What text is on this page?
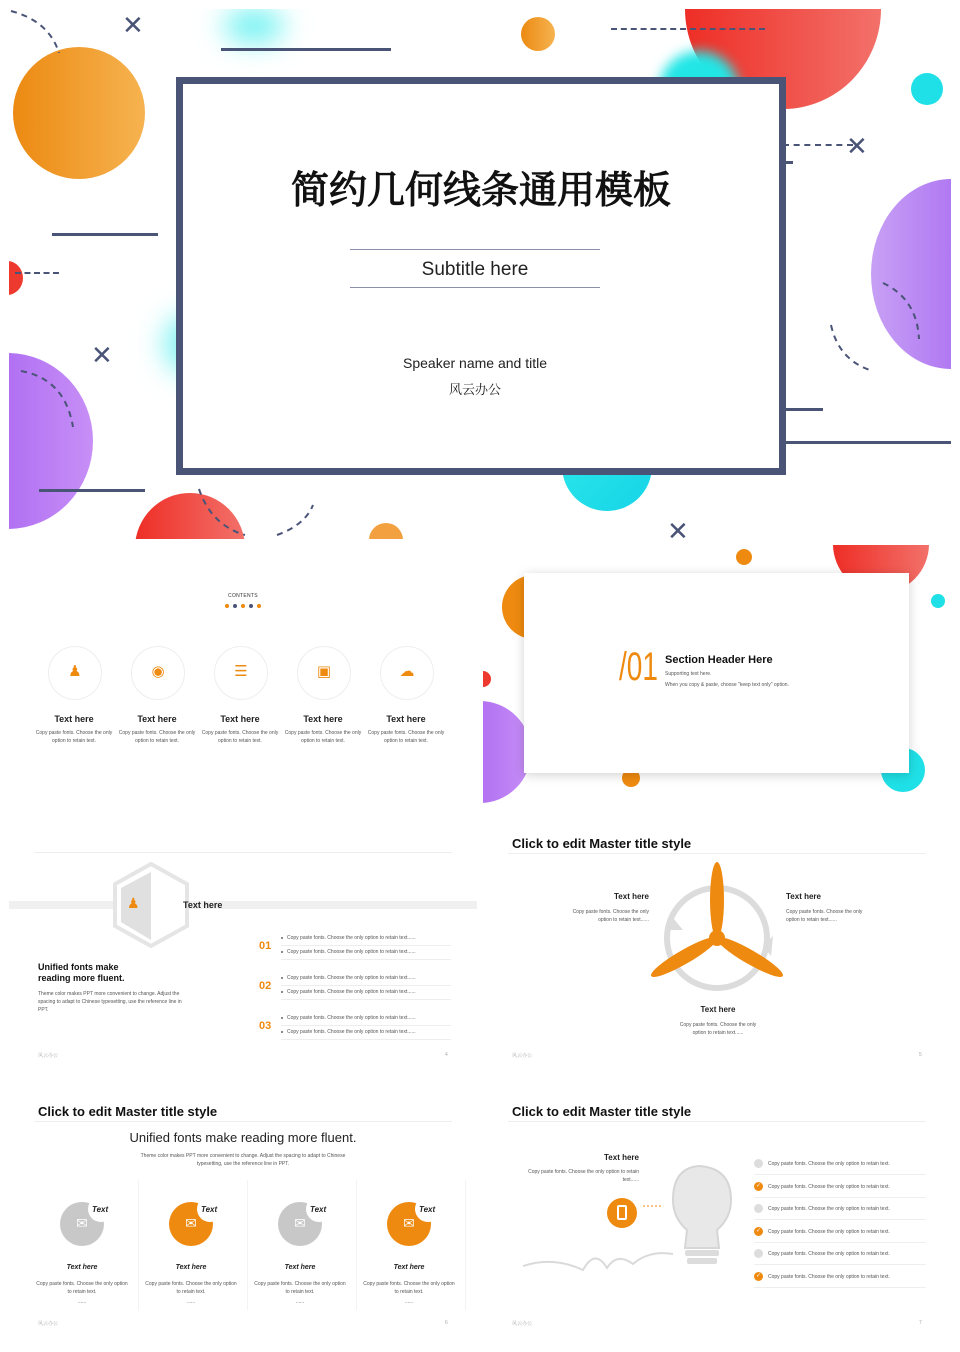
✕
✕
✕
✕
简约几何线条通用模板
Subtitle here
Speaker name and title
风云办公
CONTENTS
♟
Text here
Copy paste fonts. Choose the only option to retain text.
◉
Text here
Copy paste fonts. Choose the only option to retain text.
☰
Text here
Copy paste fonts. Choose the only option to retain text.
▣
Text here
Copy paste fonts. Choose the only option to retain text.
☁
Text here
Copy paste fonts. Choose the only option to retain text.
/01 Section Header Here
Supporting text here.
When you copy & paste, choose "keep text only" option.
♟	Text here
Unified fonts make reading more fluent.
Theme color makes PPT more convenient to change. Adjust the spacing to adapt to Chinese typesetting, use the reference line in PPT.
01
Copy paste fonts. Choose the only option to retain text......
Copy paste fonts. Choose the only option to retain text......
02
Copy paste fonts. Choose the only option to retain text......
Copy paste fonts. Choose the only option to retain text......
03
Copy paste fonts. Choose the only option to retain text......
Copy paste fonts. Choose the only option to retain text......
风云办公	4
Click to edit Master title style
Text here
Copy paste fonts. Choose the only option to retain text......
Text here
Copy paste fonts. Choose the only option to retain text......
Text here
Copy paste fonts. Choose the only option to retain text......
风云办公	5
Click to edit Master title style
Unified fonts make reading more fluent.
Theme color makes PPT more convenient to change. Adjust the spacing to adapt to Chinese typesetting, use the reference line in PPT.
✉
Text
Text here
Copy paste fonts. Choose the only option to retain text.
......
✉
Text
Text here
Copy paste fonts. Choose the only option to retain text.
......
✉
Text
Text here
Copy paste fonts. Choose the only option to retain text.
......
✉
Text
Text here
Copy paste fonts. Choose the only option to retain text.
......
风云办公	6
Click to edit Master title style
Text here
Copy paste fonts. Choose the only option to retain text......
Copy paste fonts. Choose the only option to retain text.
✓	Copy paste fonts. Choose the only option to retain text.
Copy paste fonts. Choose the only option to retain text.
✓	Copy paste fonts. Choose the only option to retain text.
Copy paste fonts. Choose the only option to retain text.
✓	Copy paste fonts. Choose the only option to retain text.
风云办公	7
